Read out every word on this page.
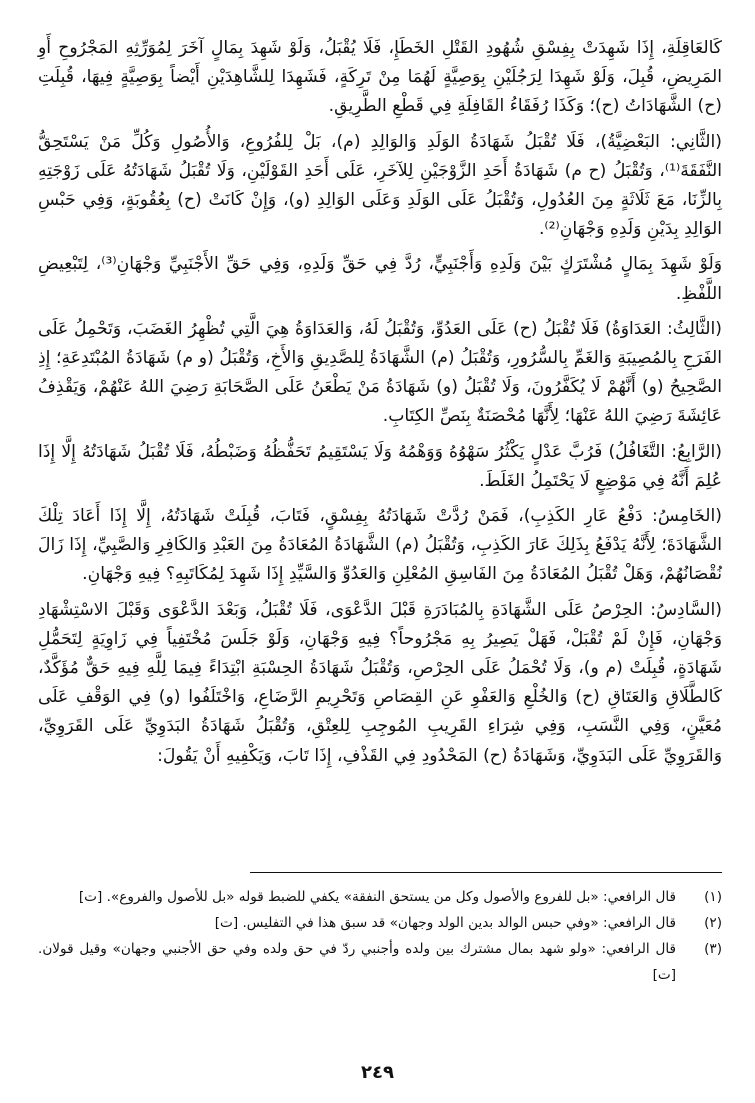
كَالعَاقِلَةِ، إِذَا شَهِدَتْ بِفِسْقِ شُهُودِ القَتْلِ الخَطَإِ، فَلَا يُقْبَلُ، وَلَوْ شَهِدَ بِمَالٍ آخَرَ لِمُوَرِّثِهِ المَجْرُوحِ أَوِ المَرِيضِ، قُبِلَ، وَلَوْ شَهِدَا لِرَجُلَيْنِ بِوَصِيَّةٍ لَهُمَا مِنْ تَرِكَةٍ، فَشَهِدَا لِلشَّاهِدَيْنِ أَيْضاً بِوَصِيَّةٍ فِيهَا، قُبِلَتِ (ح) الشَّهَادَاتُ (ح)؛ وَكَذَا رُفَقَاءُ القَافِلَةِ فِي قَطْعِ الطَّرِيقِ.

(الثَّانِي: البَعْضِيَّةُ)، فَلَا تُقْبَلُ شَهَادَةُ الوَلَدِ وَالوَالِدِ (م)، بَلْ لِلفُرُوعِ، وَالأُصُولِ وَكُلِّ مَنْ يَسْتَحِقُّ النَّفَقَةَ⁽¹⁾، وَتُقْبَلُ (ح م) شَهَادَةُ أَحَدِ الزَّوْجَيْنِ لِلآخَرِ، عَلَى أَحَدِ القَوْلَيْنِ، وَلَا تُقْبَلُ شَهَادَتُهُ عَلَى زَوْجَتِهِ بِالزِّنَا، مَعَ ثَلَاثَةٍ مِنَ العُدُولِ، وَتُقْبَلُ عَلَى الوَلَدِ وَعَلَى الوَالِدِ (و)، وَإِنْ كَانَتْ (ح) بِعُقُوبَةٍ، وَفِي حَبْسِ الوَالِدِ بِدَيْنِ وَلَدِهِ وَجْهَانِ⁽²⁾.

وَلَوْ شَهِدَ بِمَالٍ مُشْتَرَكٍ بَيْنَ وَلَدِهِ وَأَجْنَبِيٍّ، رُدَّ فِي حَقِّ وَلَدِهِ، وَفِي حَقِّ الأَجْنَبِيِّ وَجْهَانِ⁽³⁾، لِتَبْعِيضِ اللَّفْظِ.

(الثَّالِثُ: العَدَاوَةُ) فَلَا تُقْبَلُ (ح) عَلَى العَدُوِّ، وَتُقْبَلُ لَهُ، وَالعَدَاوَةُ هِيَ الَّتِي تُظْهِرُ الغَضَبَ، وَتَحْمِلُ عَلَى الفَرَحِ بِالمُصِيبَةِ وَالغَمِّ بِالسُّرُورِ، وَتُقْبَلُ (م) الشَّهَادَةُ لِلصَّدِيقِ وَالأَخِ، وَتُقْبَلُ (و م) شَهَادَةُ المُبْتَدِعَةِ؛ إِذِ الصَّحِيحُ (و) أَنَّهُمْ لَا يُكَفَّرُونَ، وَلَا تُقْبَلُ (و) شَهَادَةُ مَنْ يَطْعَنُ عَلَى الصَّحَابَةِ رَضِيَ اللهُ عَنْهُمْ، وَيَقْذِفُ عَائِشَةَ رَضِيَ اللهُ عَنْهَا؛ لِأَنَّهَا مُحْصَنَةٌ بِنَصِّ الكِتَابِ.

(الرَّابِعُ: التَّغَافُلُ) فَرُبَّ عَدْلٍ يَكْثُرُ سَهْوُهُ وَوَهْمُهُ وَلَا يَسْتَقِيمُ تَحَفُّظُهُ وَضَبْطُهُ، فَلَا تُقْبَلُ شَهَادَتُهُ إِلَّا إِذَا عُلِمَ أَنَّهُ فِي مَوْضِعٍ لَا يَحْتَمِلُ الغَلَطَ.

(الخَامِسُ: دَفْعُ عَارِ الكَذِبِ)، فَمَنْ رُدَّتْ شَهَادَتُهُ بِفِسْقٍ، فَتَابَ، قُبِلَتْ شَهَادَتُهُ، إِلَّا إِذَا أَعَادَ تِلْكَ الشَّهَادَةَ؛ لِأَنَّهُ يَدْفَعُ بِذَلِكَ عَارَ الكَذِبِ، وَتُقْبَلُ (م) الشَّهَادَةُ المُعَادَةُ مِنَ العَبْدِ وَالكَافِرِ وَالصَّبِيِّ، إِذَا زَالَ نُقْصَانُهُمْ، وَهَلْ تُقْبَلُ المُعَادَةُ مِنَ الفَاسِقِ المُعْلِنِ وَالعَدُوِّ وَالسَّيِّدِ إِذَا شَهِدَ لِمُكَاتَبِهِ؟ فِيهِ وَجْهَانِ.

(السَّادِسُ: الحِرْصُ عَلَى الشَّهَادَةِ بِالمُبَادَرَةِ قَبْلَ الدَّعْوَى، فَلَا تُقْبَلُ، وَبَعْدَ الدَّعْوَى وَقَبْلَ الاسْتِشْهَادِ وَجْهَانِ، فَإِنْ لَمْ تُقْبَلْ، فَهَلْ يَصِيرُ بِهِ مَجْرُوحاً؟ فِيهِ وَجْهَانِ، وَلَوْ جَلَسَ مُخْتَفِياً فِي زَاوِيَةٍ لِتَحَمُّلِ شَهَادَةٍ، قُبِلَتْ (م و)، وَلَا تُحْمَلُ عَلَى الحِرْصِ، وَتُقْبَلُ شَهَادَةُ الحِسْبَةِ ابْتِدَاءً فِيمَا لِلَّهِ فِيهِ حَقٌّ مُؤَكَّدٌ، كَالطَّلَاقِ وَالعَتَاقِ (ح) وَالخُلْعِ وَالعَفْوِ عَنِ القِصَاصِ وَتَحْرِيمِ الرَّضَاعِ، وَاخْتَلَفُوا (و) فِي الوَقْفِ عَلَى مُعَيَّنٍ، وَفِي النَّسَبِ، وَفِي شِرَاءِ القَرِيبِ المُوجِبِ لِلعِتْقِ، وَتُقْبَلُ شَهَادَةُ البَدَوِيِّ عَلَى القَرَوِيِّ، وَالقَرَوِيِّ عَلَى البَدَوِيِّ، وَشَهَادَةُ (ح) المَحْدُودِ فِي القَذْفِ، إِذَا تَابَ، وَيَكْفِيهِ أَنْ يَقُولَ:

(١)
قال الرافعي: «بل للفروع والأصول وكل من يستحق النفقة» يكفي للضبط قوله «بل للأصول والفروع». [ت]
(٢)
قال الرافعي: «وفي حبس الوالد بدين الولد وجهان» قد سبق هذا في التفليس. [ت]
(٣)
قال الرافعي: «ولو شهد بمال مشترك بين ولده وأجنبي ردّ في حق ولده وفي حق الأجنبي وجهان» وقيل قولان. [ت]
٢٤٩
